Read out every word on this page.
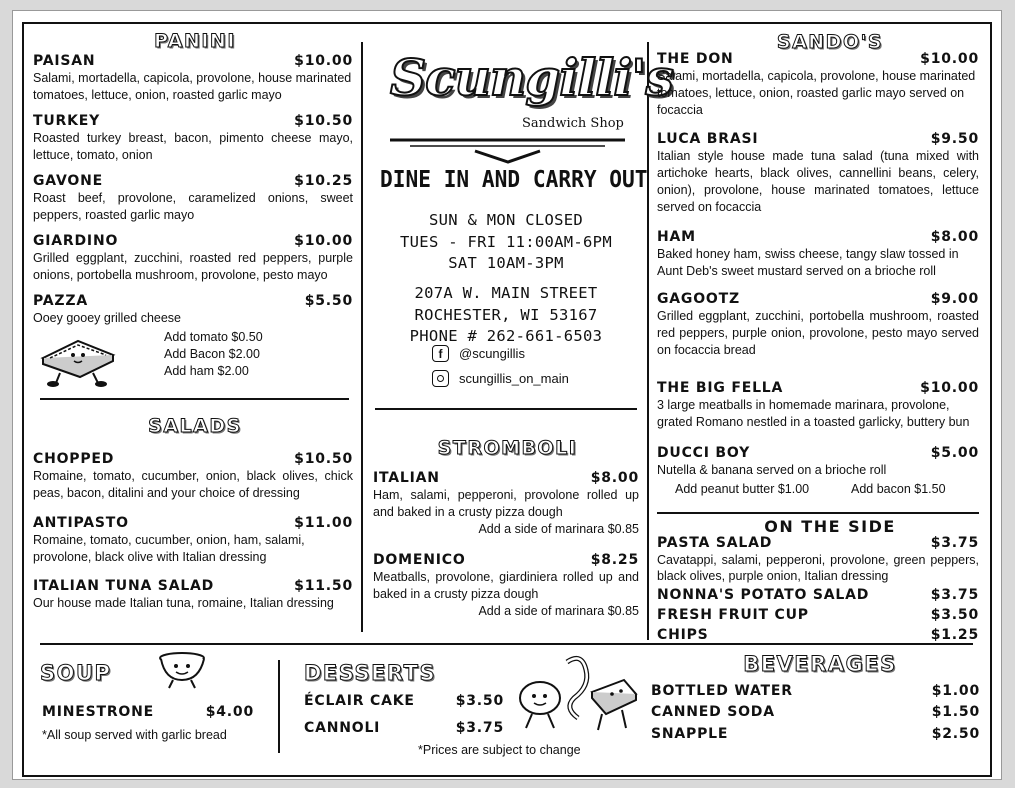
PANINI
PAISAN	$10.00
Salami, mortadella, capicola, provolone, house marinated tomatoes, lettuce, onion, roasted garlic mayo
TURKEY	$10.50
Roasted turkey breast, bacon, pimento cheese mayo, lettuce, tomato, onion
GAVONE	$10.25
Roast beef, provolone, caramelized onions, sweet peppers, roasted garlic mayo
GIARDINO	$10.00
Grilled eggplant, zucchini, roasted red peppers, purple onions, portobella mushroom, provolone, pesto mayo
PAZZA	$5.50
Ooey gooey grilled cheese
Add tomato $0.50
Add Bacon $2.00
Add ham $2.00
SALADS
CHOPPED	$10.50
Romaine, tomato, cucumber, onion, black olives, chick peas, bacon, ditalini and your choice of dressing
ANTIPASTO	$11.00
Romaine, tomato, cucumber, onion, ham, salami, provolone, black olive with Italian dressing
ITALIAN TUNA SALAD	$11.50
Our house made Italian tuna, romaine, Italian dressing
Scungilli's
Sandwich Shop
DINE IN AND CARRY OUT
SUN & MON CLOSED
TUES - FRI 11:00AM-6PM
SAT 10AM-3PM
207A W. MAIN STREET
ROCHESTER, WI 53167
PHONE # 262-661-6503
f	@scungillis
scungillis_on_main
STROMBOLI
ITALIAN	$8.00
Ham, salami, pepperoni, provolone rolled up and baked in a crusty pizza dough
Add a side of marinara $0.85
DOMENICO	$8.25
Meatballs, provolone, giardiniera rolled up and baked in a crusty pizza dough
Add a side of marinara $0.85
SANDO'S
THE DON	$10.00
Salami, mortadella, capicola, provolone, house marinated tomatoes, lettuce, onion, roasted garlic mayo served on focaccia
LUCA BRASI	$9.50
Italian style house made tuna salad (tuna mixed with artichoke hearts, black olives, cannellini beans, celery, onion), provolone, house marinated tomatoes, lettuce served on focaccia
HAM	$8.00
Baked honey ham, swiss cheese, tangy slaw tossed in Aunt Deb's sweet mustard served on a brioche roll
GAGOOTZ	$9.00
Grilled eggplant, zucchini, portobella mushroom, roasted red peppers, purple onion, provolone, pesto mayo served on focaccia bread
THE BIG FELLA	$10.00
3 large meatballs in homemade marinara, provolone, grated Romano nestled in a toasted garlicky, buttery bun
DUCCI BOY	$5.00
Nutella & banana served on a brioche roll
Add peanut butter $1.00	Add bacon $1.50
ON THE SIDE
PASTA SALAD	$3.75
Cavatappi, salami, pepperoni, provolone, green peppers, black olives, purple onion, Italian dressing
NONNA'S POTATO SALAD	$3.75
FRESH FRUIT CUP	$3.50
CHIPS	$1.25
SOUP
MINESTRONE	$4.00
*All soup served with garlic bread
DESSERTS
ÉCLAIR CAKE	$3.50
CANNOLI	$3.75
*Prices are subject to change
BEVERAGES
BOTTLED WATER	$1.00
CANNED SODA	$1.50
SNAPPLE	$2.50
